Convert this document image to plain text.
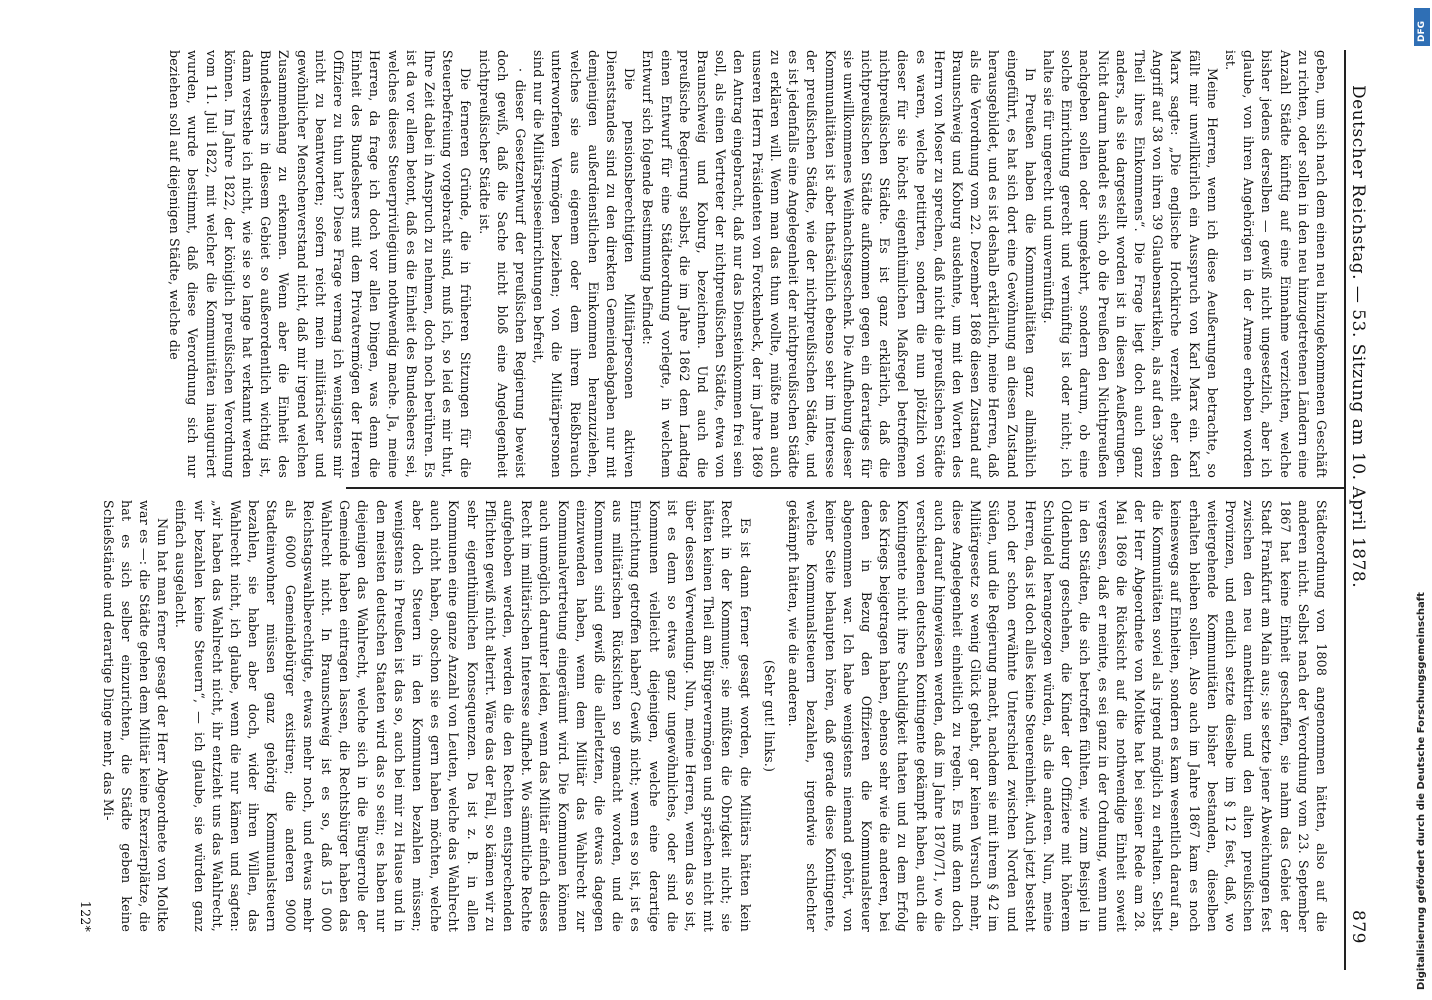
Deutscher Reichstag. — 53. Sitzung am 10. April 1878.
879

geben, um sich nach dem einen neu hinzugekommenen Geschäft zu richten, oder sollen in den neu hinzugetretenen Ländern eine Anzahl Städte künftig auf eine Einnahme verzichten, welche bisher jedens derselben — gewiß nicht ungesetzlich, aber ich glaube, von ihren Angehörigen in der Armee erhoben worden ist.

Meine Herren, wenn ich diese Aeußerungen betrachte, so fällt mir unwillkürlich ein Ausspruch von Karl Marx ein. Karl Marx sagte: „Die englische Hochkirche verzeiht eher den Angriff auf 38 von ihren 39 Glaubensartikeln, als auf den 39sten Theil ihres Einkommens“. Die Frage liegt doch auch ganz anders, als sie dargestellt worden ist in diesen Aeußerungen. Nicht darum handelt es sich, ob die Preußen den Nichtpreußen nachgeben sollen oder umgekehrt, sondern darum, ob eine solche Einrichtung gerecht und vernünftig ist oder nicht; ich halte sie für ungerecht und unvernünftig.

In Preußen haben die Kommunalitäten ganz allmählich eingeführt, es hat sich dort eine Gewöhnung an diesen Zustand herausgebildet, und es ist deshalb erklärlich, meine Herren, daß als die Verordnung vom 22. Dezember 1868 diesen Zustand auf Braunschweig und Koburg ausdehnte, um mit den Worten des Herrn von Moser zu sprechen, daß nicht die preußischen Städte es waren, welche petitirten, sondern die nun plötzlich von dieser für sie höchst eigenthümlichen Maßregel betroffenen nichtpreußischen Städte. Es ist ganz erklärlich, daß die nichtpreußischen Städte aufkommen gegen ein derartiges für sie unwillkommenes Weihnachtsgeschenk. Die Aufhebung dieser Kommunalitäten ist aber thatsächlich ebenso sehr im Interesse der preußischen Städte, wie der nichtpreußischen Städte, und es ist jedenfalls eine Angelegenheit der nichtpreußischen Städte zu erklären will. Wenn man das thun wollte, müßte man auch unseren Herrn Präsidenten von Forckenbeck, der im Jahre 1869 den Antrag eingebracht, daß nur das Diensteinkommen frei sein soll, als einen Vertreter der nichtpreußischen Städte, etwa von Braunschweig und Koburg, bezeichnen. Und auch die preußische Regierung selbst, die im Jahre 1862 dem Landtag einen Entwurf für eine Städteordnung vorlegte, in welchem Entwurf sich folgende Bestimmung befindet:

Die pensionsberechtigten Militärpersonen aktiven Dienststandes sind zu den direkten Gemeindeabgaben nur mit demjenigen außerdienstlichen Einkommen heranzuziehen, welches sie aus eigenem oder dem ihrem Rießbrauch unterworfenen Vermögen beziehen; von die Militärpersonen sind nur die Militärspeiseeinrichtungen befreit,

· dieser Gesetzentwurf der preußischen Regierung beweist doch gewiß, daß die Sache nicht bloß eine Angelegenheit nichtpreußischer Städte ist.

Die ferneren Gründe, die in früheren Sitzungen für die Steuerbefreiung vorgebracht sind, muß ich, so leid es mir thut, Ihre Zeit dabei in Anspruch zu nehmen, doch noch berühren. Es ist da vor allem betont, daß es die Einheit des Bundesheers sei, welches dieses Steuerprivilegium nothwendig mache. Ja, meine Herren, da frage ich doch vor allen Dingen, was denn die Einheit des Bundesheers mit dem Privatvermögen der Herren Offiziere zu thun hat? Diese Frage vermag ich wenigstens mir nicht zu beantworten; sofern reicht mein militärischer und gewöhnlicher Menschenverstand nicht, daß mir irgend welchen Zusammenhang zu erkennen. Wenn aber die Einheit des Bundesheers in diesem Gebiet so außerordentlich wichtig ist, dann verstehe ich nicht, wie sie so lange hat verkannt werden können. Im Jahre 1822, der königlich preußischen Verordnung vom 11. Juli 1822, mit welcher die Kommunitäten inauguriert wurden, wurde bestimmt, daß diese Verordnung sich nur beziehen soll auf diejenigen Städte, welche die

Städteordnung von 1808 angenommen hätten, also auf die anderen nicht. Selbst nach der Verordnung vom 23. September 1867 hat keine Einheit geschaffen, sie nahm das Gebiet der Stadt Frankfurt am Main aus; sie setzte jener Abweichungen fest zwischen den neu annektirten und den alten preußischen Provinzen, und endlich setzte dieselbe im § 12 fest, daß, wo weitergehende Kommunitäten bisher bestanden, dieselben erhalten bleiben sollen. Also auch im Jahre 1867 kam es noch keineswegs auf Einheiten, sondern es kam wesentlich darauf an, die Kommunitäten soviel als irgend möglich zu erhalten. Selbst der Herr Abgeordnete von Moltke hat bei seiner Rede am 28. Mai 1869 die Rücksicht auf die nothwendige Einheit soweit vergessen, daß er meinte, es sei ganz in der Ordnung, wenn nun in den Städten, die sich betroffen fühlten, wie zum Beispiel in Oldenburg geschehen, die Kinder der Offiziere mit höherem Schulgeld herangezogen würden, als die anderen. Nun, meine Herren, das ist doch alles keine Steuereinheit. Auch jetzt besteht noch der schon erwähnte Unterschied zwischen Norden und Süden, und die Regierung macht, nachdem sie mit ihrem § 42 im Militärgesetz so wenig Glück gehabt, gar keinen Versuch mehr, diese Angelegenheit einheitlich zu regeln. Es muß denn doch auch darauf hingewiesen werden, daß im Jahre 1870/71, wo die verschiedenen deutschen Kontingente gekämpft haben, auch die Kontingente nicht ihre Schuldigkeit thaten und zu dem Erfolg des Kriegs beigetragen haben, ebenso sehr wie die anderen, bei denen in Bezug den Offizieren die Kommunalsteuer abgenommen war. Ich habe wenigstens niemand gehört, von keiner Seite behaupten hören, daß gerade diese Kontingente, welche Kommunalsteuern bezahlen, irgendwie schlechter gekämpft hätten, wie die anderen.

(Sehr gut! links.)

Es ist dann ferner gesagt worden, die Militärs hätten kein Recht in der Kommune; sie müßten die Obrigkeit nicht; sie hätten keinen Theil am Bürgervermögen und sprächen nicht mit über dessen Verwendung. Nun, meine Herren, wenn das so ist, ist es denn so etwas ganz ungewöhnliches, oder sind die Kommunen vielleicht diejenigen, welche eine derartige Einrichtung getroffen haben? Gewiß nicht; wenn es so ist, ist es aus militärischen Rücksichten so gemacht worden, und die Kommunen sind gewiß die allerletzten, die etwas dagegen einzuwenden haben, wenn dem Militär das Wahlrecht zur Kommunalvertretung eingeräumt wird. Die Kommunen können auch unmöglich darunter leiden, wenn das Militär einfach dieses Recht im militärischen Interesse aufhebt. Wo sämmtliche Rechte aufgehoben werden, werden die den Rechten entsprechenden Pflichten gewiß nicht alterirt. Wäre das der Fall, so kämen wir zu sehr eigenthümlichen Konsequenzen. Da ist z. B. in allen Kommunen eine ganze Anzahl von Leuten, welche das Wahlrecht auch nicht haben, obschon sie es gern haben möchten, welche aber doch Steuern in den Kommunen bezahlen müssen; wenigstens in Preußen ist das so, auch bei mir zu Hause und in den meisten deutschen Staaten wird das so sein; es haben nur diejenigen das Wahlrecht, welche sich in die Bürgerrolle der Gemeinde haben eintragen lassen, die Rechtsbürger haben das Wahlrecht nicht. In Braunschweig ist es so, daß 15 000 Reichstagswahlberechtigte, etwas mehr noch, und etwas mehr als 6000 Gemeindebürger existiren; die anderen 9000 Stadteinwohner müssen ganz gehörig Kommunalsteuern bezahlen, sie haben aber doch, wider ihren Willen, das Wahlrecht nicht, ich glaube, wenn die nur kämen und sagten: „wir haben das Wahlrecht nicht, ihr entzieht uns das Wahlrecht, wir bezahlen keine Steuern“, — ich glaube, sie würden ganz einfach ausgelacht.

Nun hat man ferner gesagt der Herr Abgeordnete von Moltke war es —: die Städte gehen dem Militär keine Exerzierplätze, die hat es sich selber einzurichten, die Städte geben keine Schießstände und derartige Dinge mehr, das Mi-

122*

DFG
Digitalisierung gefördert durch die Deutsche Forschungsgemeinschaft
